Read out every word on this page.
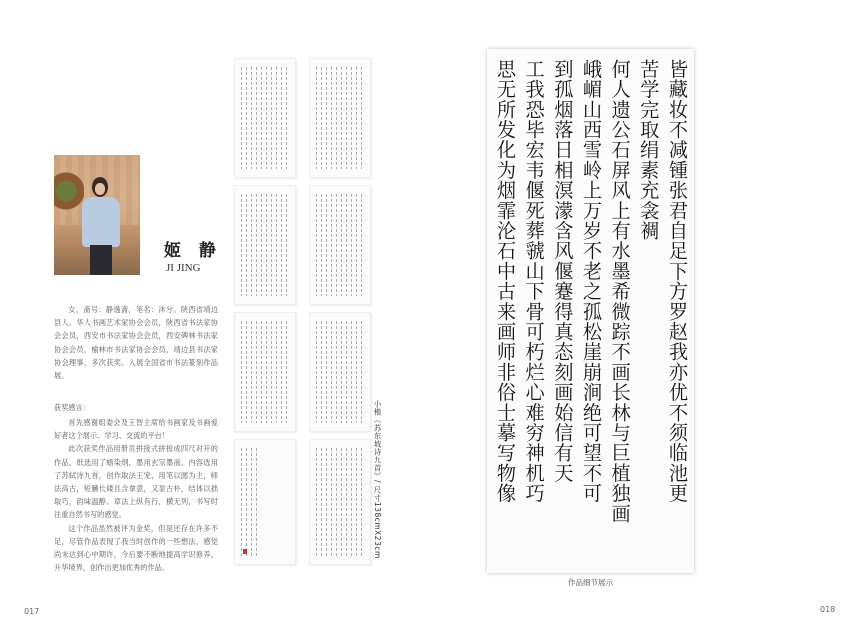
姬 静

JI JING

女，斋号：静逸斋，笔名：沐兮。陕西省靖边县人。华人书画艺术家协会会员，陕西省书法家协会会员，西安市书法家协会会员，西安碑林书法家协会会员，榆林市书法家协会会员，靖边县书法家协会理事，多次获奖、入展全国省市书法篆刻作品展。

获奖感言：

首先感谢组委会及王智主席给书画家及书画爱好者这个展示、学习、交流的平台！

此次获奖作品用册页拼接式拼接成四尺对开的作品，纸选用了蜡染纲，墨用玄宗墨液。内容选用了苏轼诗九首，创作取法王宠，用笔以圆为主，师法高古，短臃长矮且含拿意，又显古朴，结体以拙取巧，韵味温醇。章法上纵有行，横无列，书写时注重自然书写的感觉。

这个作品虽然被评为金奖，但是还存在许多不足，尽管作品表现了我当时创作的一些想法，感觉尚未达到心中期许，今后要不断地提高学识修养，升华境界，创作出更加优秀的作品。

小楷《苏东坡诗九首》/ 尺寸138cmX23cm	皆藏妆不减锺张君自足下方罗赵我亦优不须临池更

苦学完取绢素充衾裯

何人遗公石屏风上有水墨希微踪不画长林与巨植独画

峨嵋山西雪岭上万岁不老之孤松崖崩涧绝可望不可

到孤烟落日相溟濛含风偃蹇得真态刻画始信有天

工我恐毕宏韦偃死葬虢山下骨可朽烂心难穷神机巧

思无所发化为烟霏沦石中古来画师非俗士摹写物像

作品细节展示

017	018
